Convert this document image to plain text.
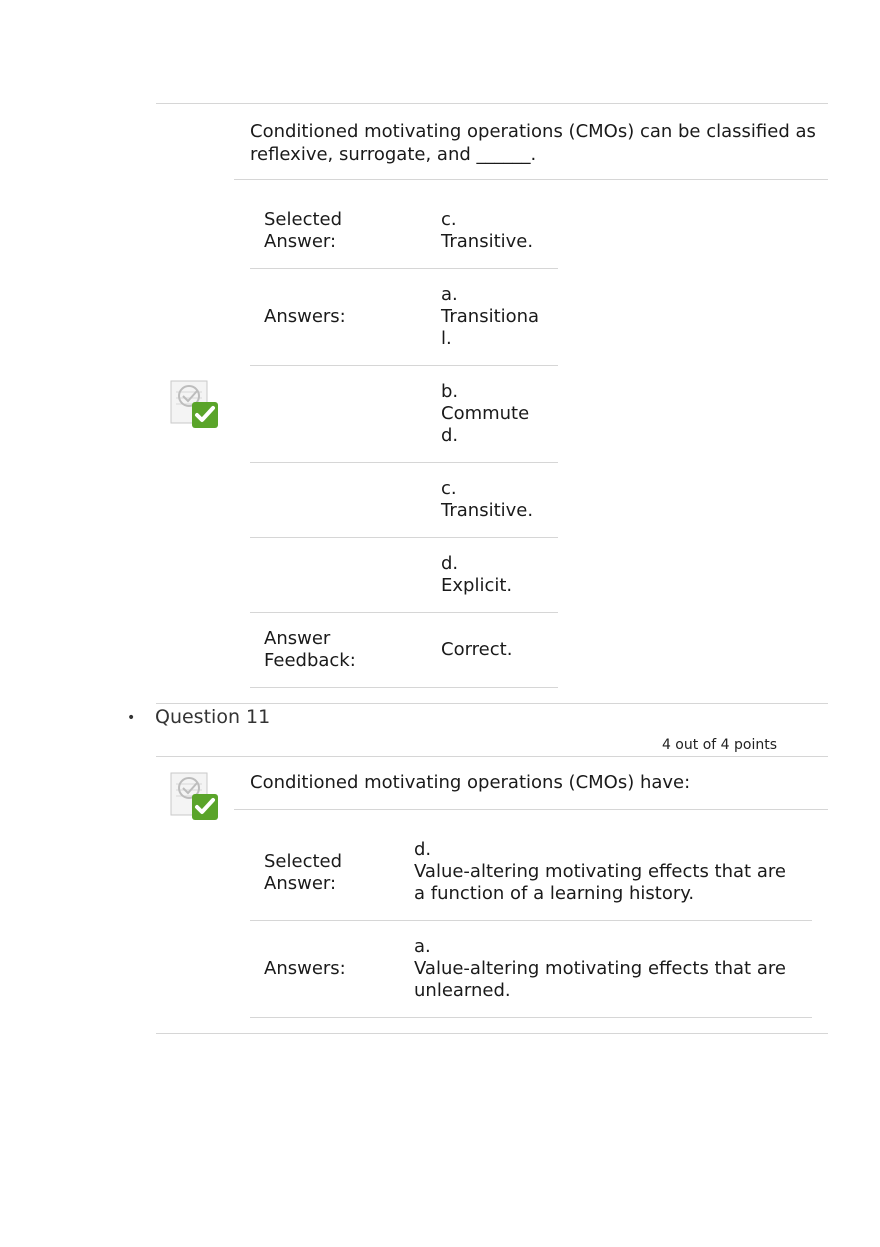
Conditioned motivating operations (CMOs) can be classified as reflexive, surrogate, and ______.
Selected Answer:
c.
Transitive.
Answers:
a.
Transitional.
b.
Commuted.
c.
Transitive.
d.
Explicit.
Answer Feedback:
Correct.
• Question 11
4 out of 4 points
Conditioned motivating operations (CMOs) have:
Selected Answer:
d.
Value-altering motivating effects that are a function of a learning history.
Answers:
a.
Value-altering motivating effects that are unlearned.
